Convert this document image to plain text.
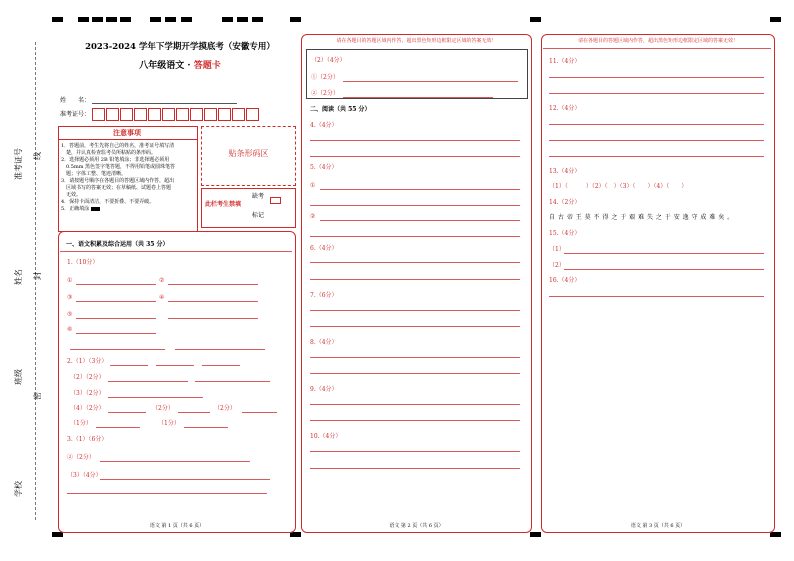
准考证号 线
姓名 封
班级
密
学校
2023-2024 学年下学期开学摸底考（安徽专用）
八年级语文 · 答题卡
姓　　名：
准考证号：
注意事项
1．答题前，考生先将自己的姓名，准考证号填写清
　楚，并认真检查监考员所粘贴的条形码。
2．选择题必须用 2B 铅笔填涂；非选择题必须用
　0.5mm 黑色签字笔答题，不得用铅笔或圆珠笔答
　题；字体工整、笔迹清晰。
3．请按题号顺序在各题目的答题区域内作答，超出
　区域书写的答案无效；在草稿纸、试题卷上答题
　无效。
4．保持卡面清洁，不要折叠、不要弄破。
5．正确填涂
贴条形码区
此栏考生禁填
缺考
标记
一、语文积累及综合运用（共 35 分）
1.（10分）
①	②
③	④
⑤
⑥
2.（1）（3分）
（2）（2分）
（3）（2分）
（4）（2分）	（2分）	（2分）
（1分）	（1分）
3.（1）（6分）
②（2分）
（3）（4分）
语文 第 1 页（共 6 页）
请在各题目的答题区域内作答，超出黑色矩形边框限定区域的答案无效！
（2）（4分）
①（2分）
②（2分）
二、阅读（共 55 分）
4.（4分）
5.（4分）
①
②
6.（4分）
7.（6分）
8.（4分）
9.（4分）
10.（4分）
语文 第 2 页（共 6 页）
请在各题目的答题区域内作答，超出黑色矩形边框限定区域的答案无效！
11.（4分）
12.（4分）
13.（4分）
（1）（　　　）（2）（　）（3）（　　）（4）（　　）
14.（2分）
自 古 帝 王 莫 不 得 之 于 艰 难 失 之 于 安 逸 守 成 难 矣 。
15.（4分）
（1）
（2）
16.（4分）
语文 第 3 页（共 6 页）
